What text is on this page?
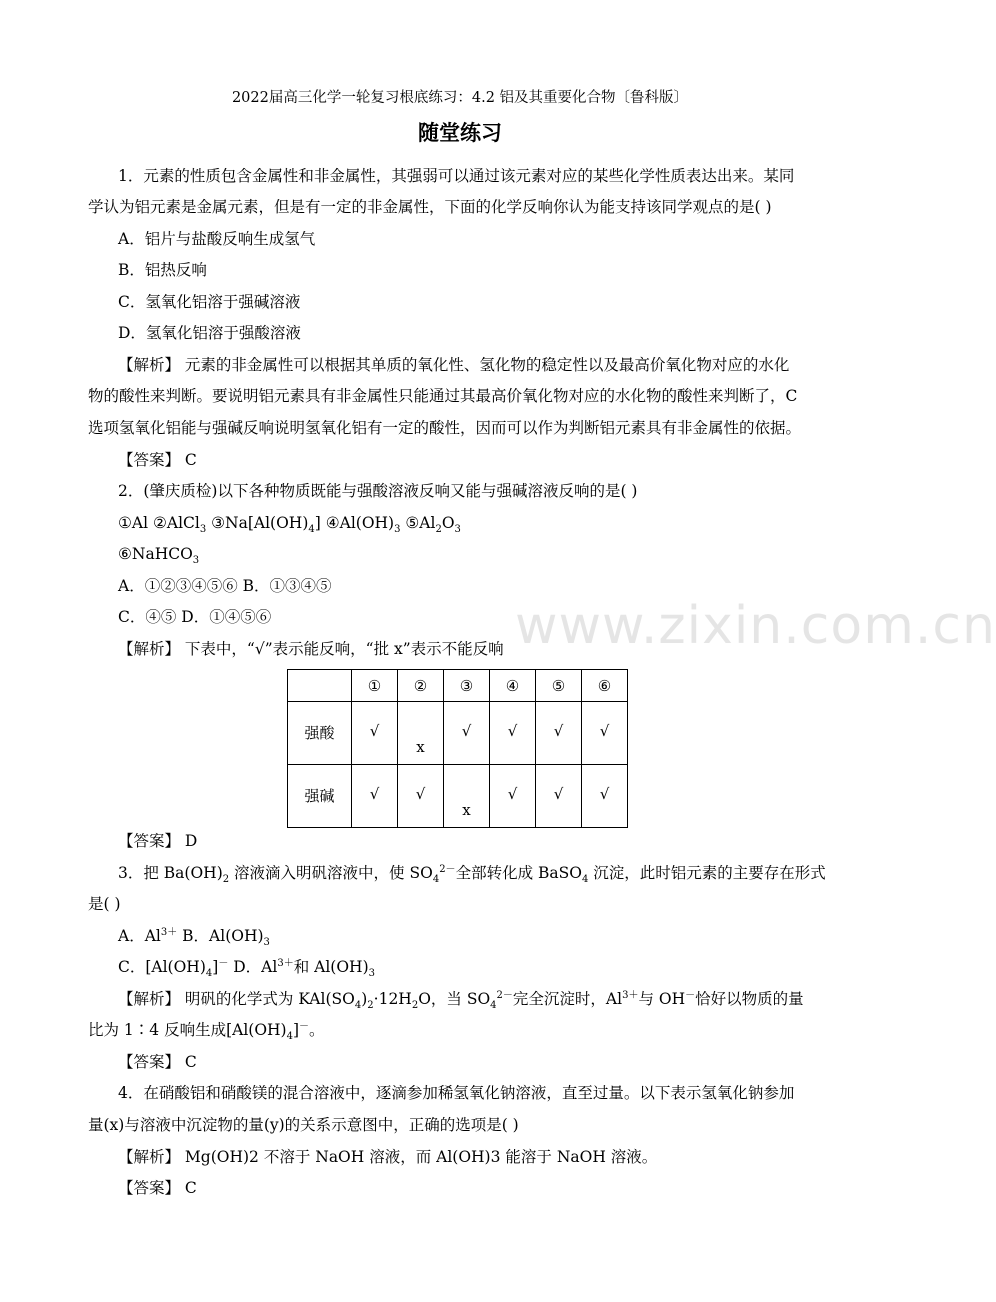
2022届高三化学一轮复习根底练习：4.2 铝及其重要化合物〔鲁科版〕
随堂练习
1．元素的性质包含金属性和非金属性，其强弱可以通过该元素对应的某些化学性质表达出来。某同
学认为铝元素是金属元素，但是有一定的非金属性，下面的化学反响你认为能支持该同学观点的是( )
A．铝片与盐酸反响生成氢气
B．铝热反响
C．氢氧化铝溶于强碱溶液
D．氢氧化铝溶于强酸溶液
【解析】 元素的非金属性可以根据其单质的氧化性、氢化物的稳定性以及最高价氧化物对应的水化
物的酸性来判断。要说明铝元素具有非金属性只能通过其最高价氧化物对应的水化物的酸性来判断了，C
选项氢氧化铝能与强碱反响说明氢氧化铝有一定的酸性，因而可以作为判断铝元素具有非金属性的依据。
【答案】 C
2．(肇庆质检)以下各种物质既能与强酸溶液反响又能与强碱溶液反响的是( )
①Al ②AlCl$_3$ $③Na[Al(OH)_4]$ $④Al(OH)_3$ $⑤Al_2O_3$
⑥NaHCO$_3$
A．①②③④⑤⑥ B．①③④⑤
C．④⑤ D．①④⑤⑥
【解析】 下表中，“√”表示能反响，“批 x”表示不能反响
	①	②	③	④	⑤	⑥

强酸	√	x	√	√	√	√

强碱	√	√	x	√	√	√
【答案】 D
3．把 $Ba(OH)_2$ 溶液滴入明矾溶液中，使 $SO_4^{2-}$全部转化成 BaSO$_4$ 沉淀，此时铝元素的主要存在形式
是( )
A．$Al^{3+}$ B．$Al(OH)_3$
C．$[Al(OH)_4]^-$ D．$Al^{3+}$和 $Al(OH)_3$
【解析】 明矾的化学式为 $KAl(SO_4)_2\cdot 12H_2O$，当 $SO_4^{2-}$完全沉淀时，$Al^{3+}$与 OH－恰好以物质的量
比为 1∶4 反响生成$[Al(OH)_4]^-$。
【答案】 C
4．在硝酸铝和硝酸镁的混合溶液中，逐滴参加稀氢氧化钠溶液，直至过量。以下表示氢氧化钠参加
量(x)与溶液中沉淀物的量(y)的关系示意图中，正确的选项是( )
【解析】 Mg(OH)2 不溶于 NaOH 溶液，而 Al(OH)3 能溶于 NaOH 溶液。
【答案】 C
www.zixin.com.cn
